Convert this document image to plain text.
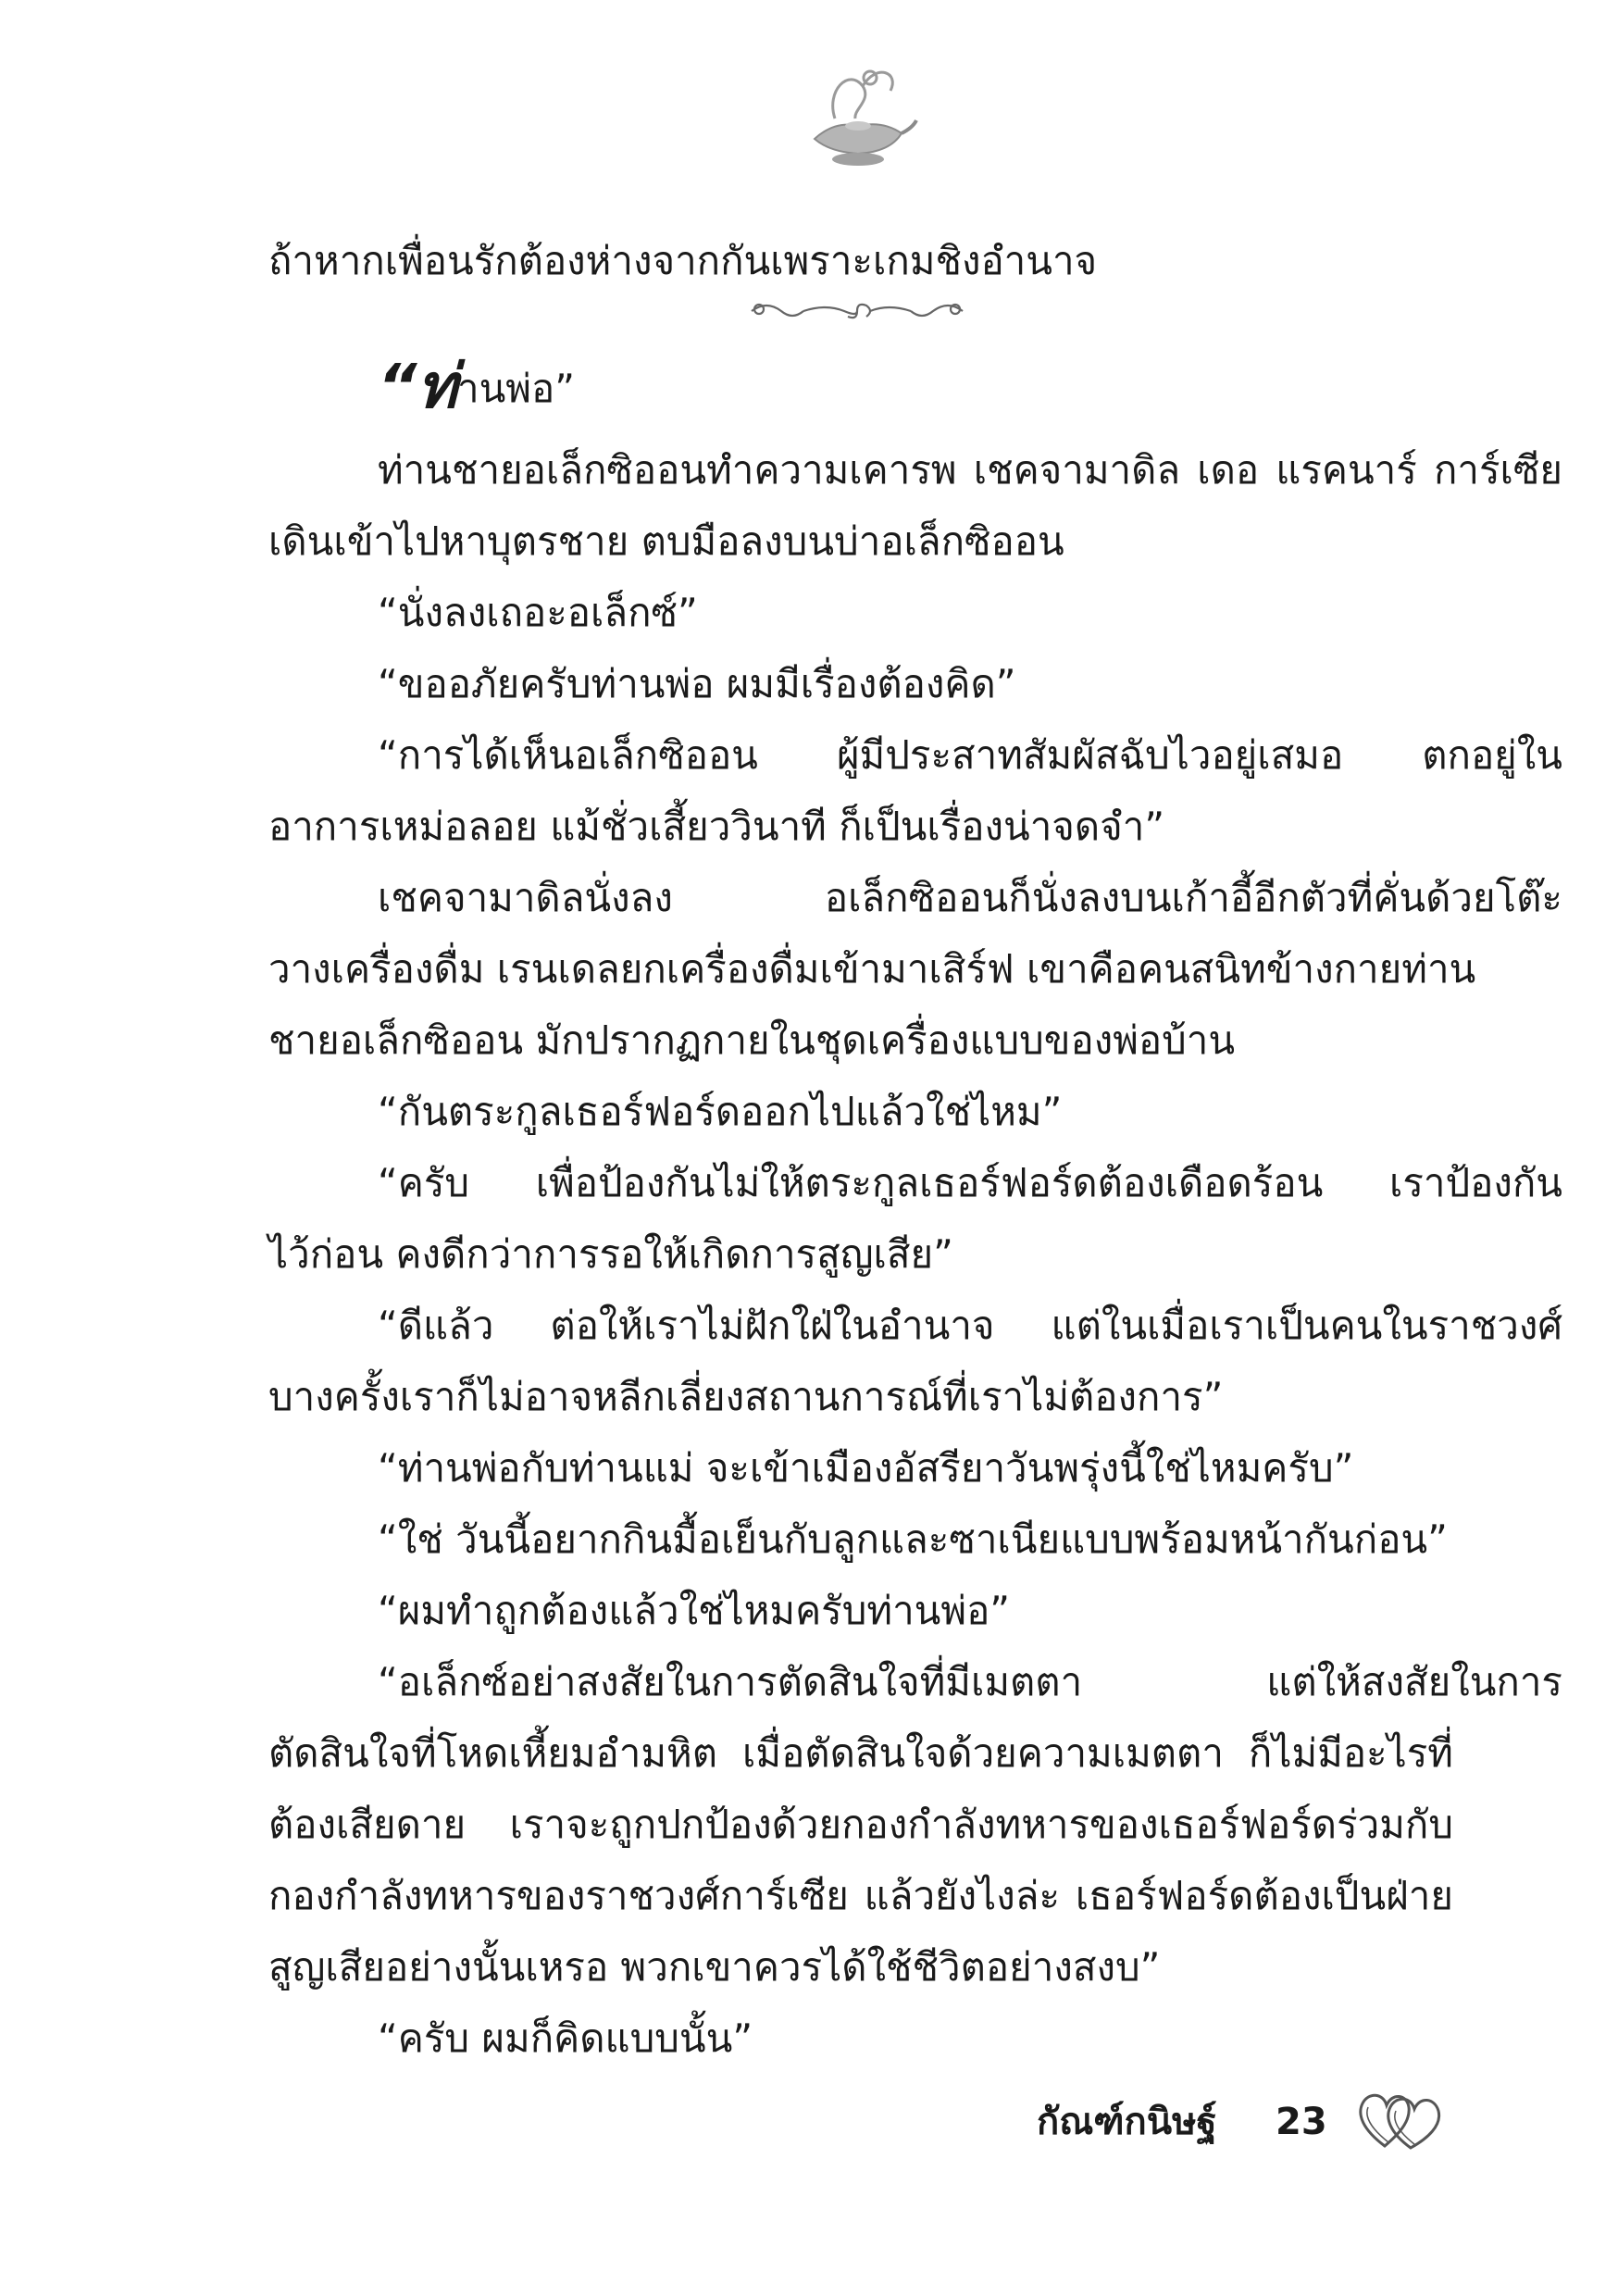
ถ้าหากเพื่อนรักต้องห่างจากกันเพราะเกมชิงอำนาจ
“ท่านพ่อ”
ท่านชายอเล็กซิออนทำความเคารพ เชคจามาดิล เดอ แรคนาร์ การ์เซีย
เดินเข้าไปหาบุตรชาย ตบมือลงบนบ่าอเล็กซิออน
“นั่งลงเถอะอเล็กซ์”
“ขออภัยครับท่านพ่อ ผมมีเรื่องต้องคิด”
“การได้เห็นอเล็กซิออน ผู้มีประสาทสัมผัสฉับไวอยู่เสมอ ตกอยู่ใน
อาการเหม่อลอย แม้ชั่วเสี้ยววินาที ก็เป็นเรื่องน่าจดจำ”
เชคจามาดิลนั่งลง อเล็กซิออนก็นั่งลงบนเก้าอี้อีกตัวที่คั่นด้วยโต๊ะ
วางเครื่องดื่ม เรนเดลยกเครื่องดื่มเข้ามาเสิร์ฟ เขาคือคนสนิทข้างกายท่าน
ชายอเล็กซิออน มักปรากฏกายในชุดเครื่องแบบของพ่อบ้าน
“กันตระกูลเธอร์ฟอร์ดออกไปแล้วใช่ไหม”
“ครับ เพื่อป้องกันไม่ให้ตระกูลเธอร์ฟอร์ดต้องเดือดร้อน เราป้องกัน
ไว้ก่อน คงดีกว่าการรอให้เกิดการสูญเสีย”
“ดีแล้ว ต่อให้เราไม่ฝักใฝ่ในอำนาจ แต่ในเมื่อเราเป็นคนในราชวงศ์
บางครั้งเราก็ไม่อาจหลีกเลี่ยงสถานการณ์ที่เราไม่ต้องการ”
“ท่านพ่อกับท่านแม่ จะเข้าเมืองอัสรียาวันพรุ่งนี้ใช่ไหมครับ”
“ใช่ วันนี้อยากกินมื้อเย็นกับลูกและซาเนียแบบพร้อมหน้ากันก่อน”
“ผมทำถูกต้องแล้วใช่ไหมครับท่านพ่อ”
“อเล็กซ์อย่าสงสัยในการตัดสินใจที่มีเมตตา แต่ให้สงสัยในการ
ตัดสินใจที่โหดเหี้ยมอำมหิต เมื่อตัดสินใจด้วยความเมตตา ก็ไม่มีอะไรที่
ต้องเสียดาย เราจะถูกปกป้องด้วยกองกำลังทหารของเธอร์ฟอร์ดร่วมกับ
กองกำลังทหารของราชวงศ์การ์เซีย แล้วยังไงล่ะ เธอร์ฟอร์ดต้องเป็นฝ่าย
สูญเสียอย่างนั้นเหรอ พวกเขาควรได้ใช้ชีวิตอย่างสงบ”
“ครับ ผมก็คิดแบบนั้น”
กัณฑ์กนิษฐ์ 23
